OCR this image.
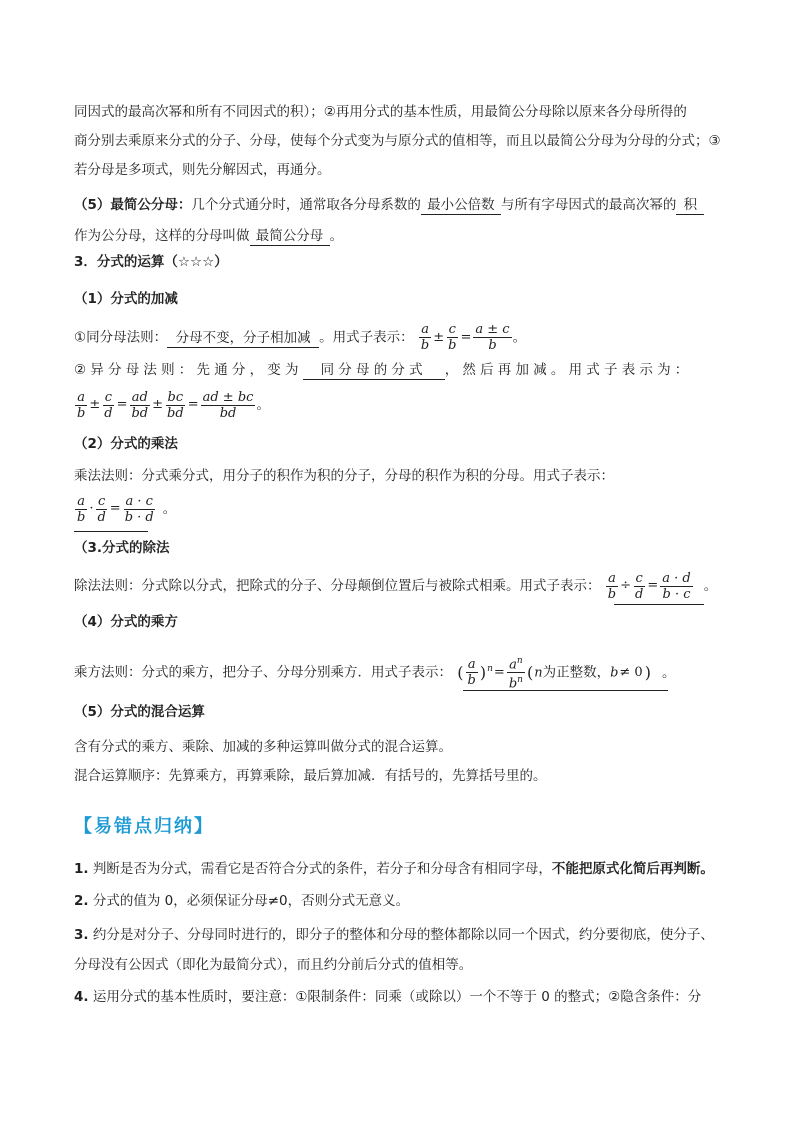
同因式的最高次幂和所有不同因式的积）；②再用分式的基本性质，用最简公分母除以原来各分母所得的
商分别去乘原来分式的分子、分母，使每个分式变为与原分式的值相等，而且以最简公分母为分母的分式；③
若分母是多项式，则先分解因式，再通分。
（5）最简公分母：几个分式通分时，通常取各分母系数的 最小公倍数 与所有字母因式的最高次幂的 积
作为公分母，这样的分母叫做 最简公分母 。
3．分式的运算（☆☆☆）
（1）分式的加减
①同分母法则： 分母不变，分子相加减 。用式子表示： $\frac{a}{b} \pm \frac{c}{b} = \frac{a \pm c}{b}$ 。
②异分母法则：先通分，变为 同分母的分式 ，然后再加减。用式子表示为：
$\frac{a}{b} \pm \frac{c}{d} = \frac{ad}{bd} \pm \frac{bc}{bd} = \frac{ad \pm bc}{bd}$ 。
（2）分式的乘法
乘法法则：分式乘分式，用分子的积作为积的分子，分母的积作为积的分母。用式子表示：
$\frac{a}{b} \cdot \frac{c}{d} = \frac{a \cdot c}{b \cdot d}$ 。
（3.分式的除法
除法法则：分式除以分式，把除式的分子、分母颠倒位置后与被除式相乘。用式子表示： $\frac{a}{b} \div \frac{c}{d} = \frac{a \cdot d}{b \cdot c}$ 。
（4）分式的乘方
乘方法则：分式的乘方，把分子、分母分别乘方．用式子表示： ( $\frac{a}{b} )^n= \frac{a^n}{b^n} (n$为正整数，b≠ 0 ) 。
（5）分式的混合运算
含有分式的乘方、乘除、加减的多种运算叫做分式的混合运算。
混合运算顺序：先算乘方，再算乘除，最后算加减．有括号的，先算括号里的。
【易错点归纳】
1. 判断是否为分式，需看它是否符合分式的条件，若分子和分母含有相同字母，不能把原式化简后再判断。
2. 分式的值为 0，必须保证分母≠0，否则分式无意义。
3. 约分是对分子、分母同时进行的，即分子的整体和分母的整体都除以同一个因式，约分要彻底，使分子、
分母没有公因式（即化为最简分式），而且约分前后分式的值相等。
4. 运用分式的基本性质时，要注意：①限制条件：同乘（或除以）一个不等于 0 的整式；②隐含条件：分
